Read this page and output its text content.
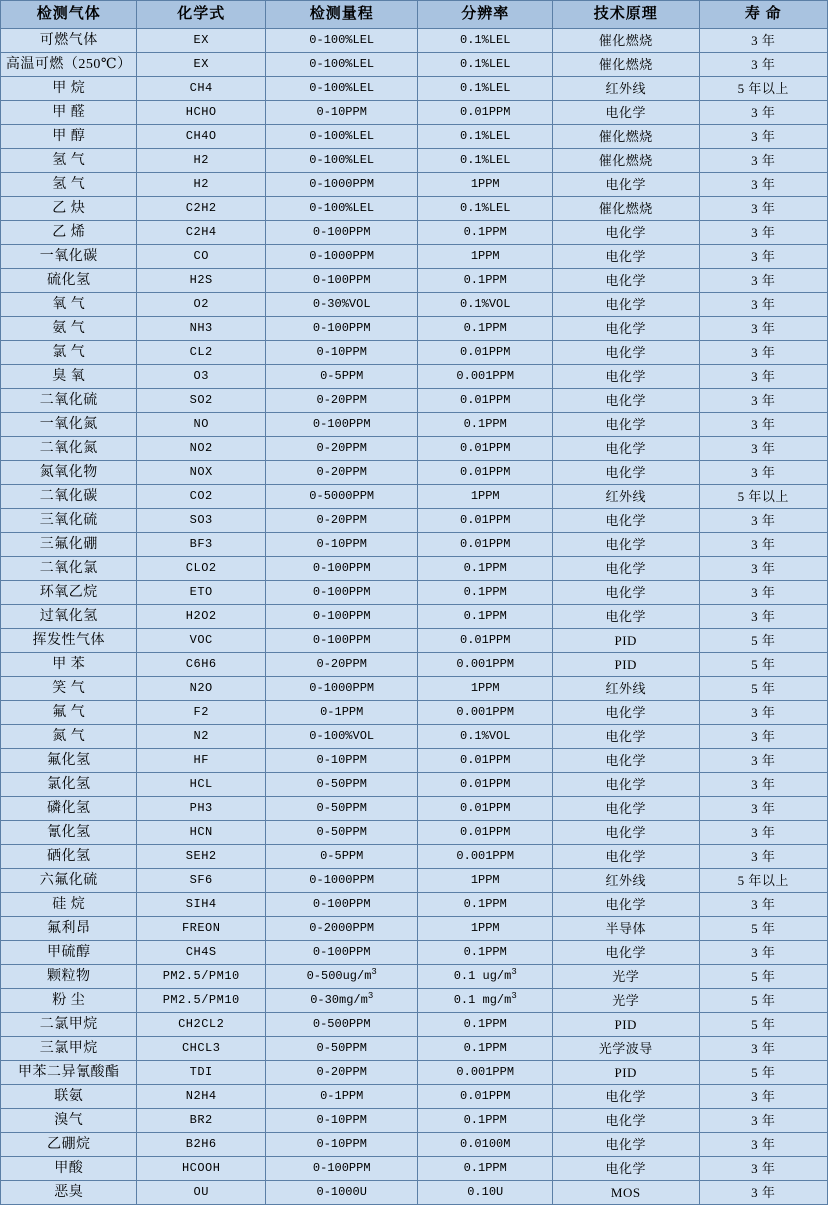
检测气体	化学式	检测量程	分辨率	技术原理	寿 命
可燃气体	EX	0-100%LEL	0.1%LEL	催化燃烧	3 年
高温可燃（250℃）	EX	0-100%LEL	0.1%LEL	催化燃烧	3 年
甲 烷	CH4	0-100%LEL	0.1%LEL	红外线	5 年以上
甲 醛	HCHO	0-10PPM	0.01PPM	电化学	3 年
甲 醇	CH4O	0-100%LEL	0.1%LEL	催化燃烧	3 年
氢 气	H2	0-100%LEL	0.1%LEL	催化燃烧	3 年
氢 气	H2	0-1000PPM	1PPM	电化学	3 年
乙 炔	C2H2	0-100%LEL	0.1%LEL	催化燃烧	3 年
乙 烯	C2H4	0-100PPM	0.1PPM	电化学	3 年
一氧化碳	CO	0-1000PPM	1PPM	电化学	3 年
硫化氢	H2S	0-100PPM	0.1PPM	电化学	3 年
氧 气	O2	0-30%VOL	0.1%VOL	电化学	3 年
氨 气	NH3	0-100PPM	0.1PPM	电化学	3 年
氯 气	CL2	0-10PPM	0.01PPM	电化学	3 年
臭 氧	O3	0-5PPM	0.001PPM	电化学	3 年
二氧化硫	SO2	0-20PPM	0.01PPM	电化学	3 年
一氧化氮	NO	0-100PPM	0.1PPM	电化学	3 年
二氧化氮	NO2	0-20PPM	0.01PPM	电化学	3 年
氮氧化物	NOX	0-20PPM	0.01PPM	电化学	3 年
二氧化碳	CO2	0-5000PPM	1PPM	红外线	5 年以上
三氧化硫	SO3	0-20PPM	0.01PPM	电化学	3 年
三氟化硼	BF3	0-10PPM	0.01PPM	电化学	3 年
二氧化氯	CLO2	0-100PPM	0.1PPM	电化学	3 年
环氧乙烷	ETO	0-100PPM	0.1PPM	电化学	3 年
过氧化氢	H2O2	0-100PPM	0.1PPM	电化学	3 年
挥发性气体	VOC	0-100PPM	0.01PPM	PID	5 年
甲 苯	C6H6	0-20PPM	0.001PPM	PID	5 年
笑 气	N2O	0-1000PPM	1PPM	红外线	5 年
氟 气	F2	0-1PPM	0.001PPM	电化学	3 年
氮 气	N2	0-100%VOL	0.1%VOL	电化学	3 年
氟化氢	HF	0-10PPM	0.01PPM	电化学	3 年
氯化氢	HCL	0-50PPM	0.01PPM	电化学	3 年
磷化氢	PH3	0-50PPM	0.01PPM	电化学	3 年
氰化氢	HCN	0-50PPM	0.01PPM	电化学	3 年
硒化氢	SEH2	0-5PPM	0.001PPM	电化学	3 年
六氟化硫	SF6	0-1000PPM	1PPM	红外线	5 年以上
硅 烷	SIH4	0-100PPM	0.1PPM	电化学	3 年
氟利昂	FREON	0-2000PPM	1PPM	半导体	5 年
甲硫醇	CH4S	0-100PPM	0.1PPM	电化学	3 年
颗粒物	PM2.5/PM10	$0-500ug/m^3$	0.1 $ug/m^3$	光学	5 年
粉 尘	PM2.5/PM10	$0-30mg/m^3$	0.1 $mg/m^3$	光学	5 年
二氯甲烷	CH2CL2	0-500PPM	0.1PPM	PID	5 年
三氯甲烷	CHCL3	0-50PPM	0.1PPM	光学波导	3 年
甲苯二异氰酸酯	TDI	0-20PPM	0.001PPM	PID	5 年
联氨	N2H4	0-1PPM	0.01PPM	电化学	3 年
溴气	BR2	0-10PPM	0.1PPM	电化学	3 年
乙硼烷	B2H6	0-10PPM	0.0100M	电化学	3 年
甲酸	HCOOH	0-100PPM	0.1PPM	电化学	3 年
恶臭	OU	0-1000U	0.10U	MOS	3 年
